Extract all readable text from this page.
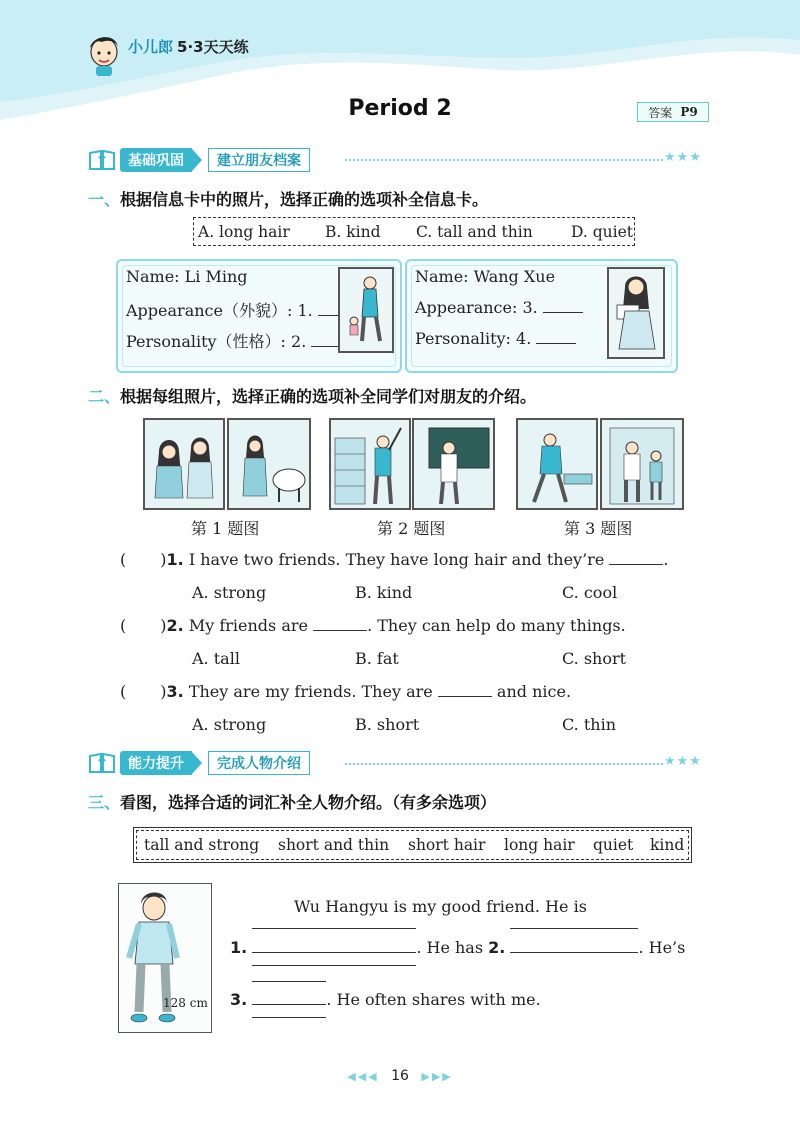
小儿郎 5·3天天练
Period 2	答案 P9
基础巩固	建立朋友档案	★★★
一、根据信息卡中的照片，选择正确的选项补全信息卡。
A. long hair B. kind C. tall and thin D. quiet
Name: Li Ming
Appearance（外貌）: 1.
Personality（性格）: 2.
Name: Wang Xue
Appearance: 3.
Personality: 4.
二、根据每组照片，选择正确的选项补全同学们对朋友的介绍。
第 1 题图	第 2 题图	第 3 题图
( )1. I have two friends. They have long hair and they’re	.
A. strong	B. kind	C. cool
( )2. My friends are	. They can help do many things.
A. tall	B. fat	C. short
( )3. They are my friends. They are	and nice.
A. strong	B. short	C. thin
能力提升	完成人物介绍	★★★
三、看图，选择合适的词汇补全人物介绍。（有多余选项）
tall and strong short and thin short hair long hair quiet kind
128 cm
Wu Hangyu is my good friend. He is
1.	. He has 2.	. He’s
3.	. He often shares with me.
◀◀◀ 16 ▶▶▶
